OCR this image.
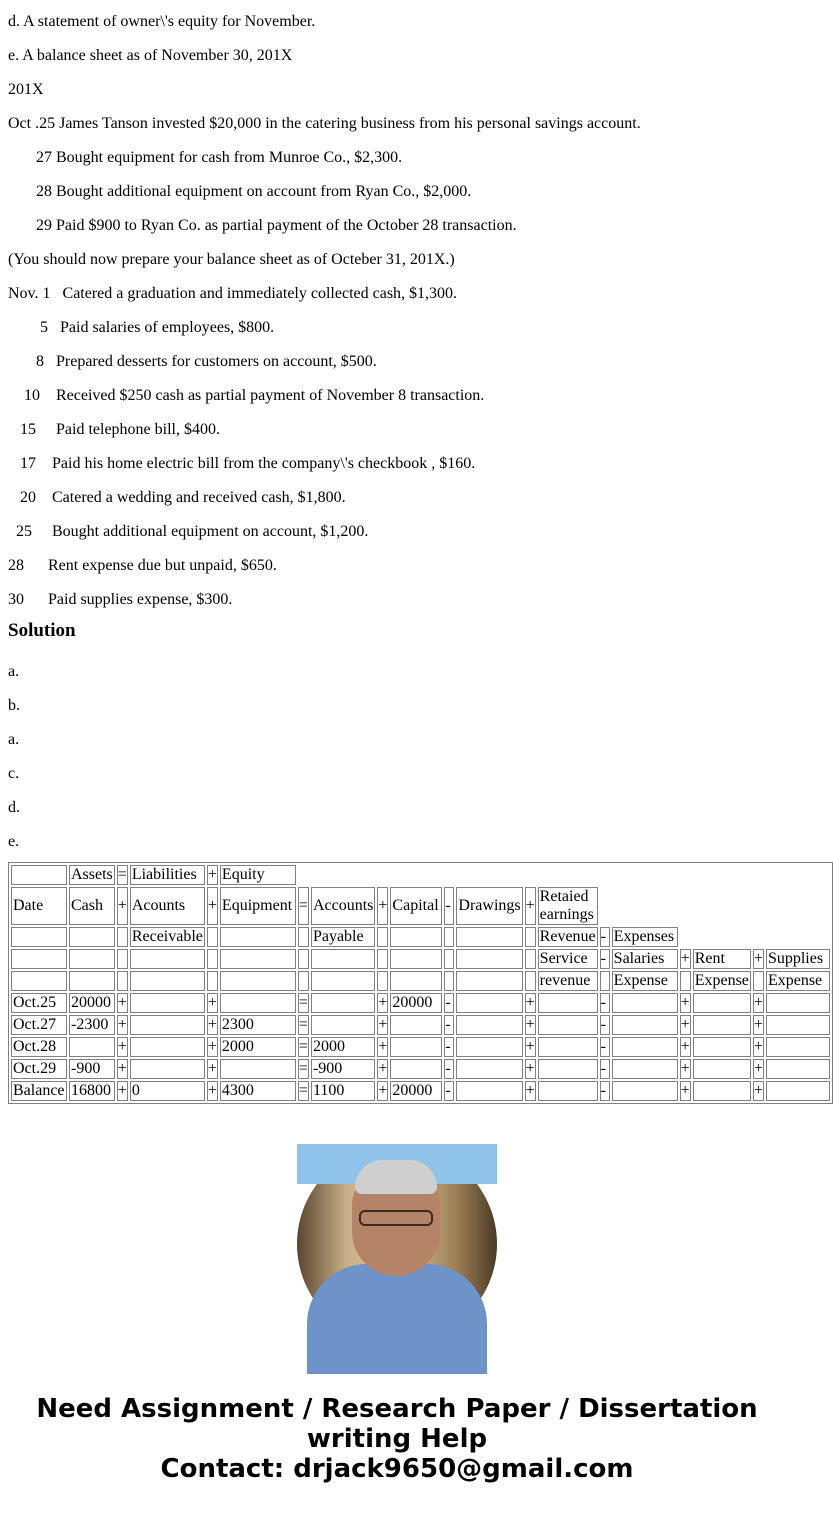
d. A statement of owner\'s equity for November.

e. A balance sheet as of November 30, 201X

201X

Oct .25 James Tanson invested $20,000 in the catering business from his personal savings account.

27 Bought equipment for cash from Munroe Co., $2,300.

28 Bought additional equipment on account from Ryan Co., $2,000.

29 Paid $900 to Ryan Co. as partial payment of the October 28 transaction.

(You should now prepare your balance sheet as of Octeber 31, 201X.)

Nov. 1   Catered a graduation and immediately collected cash, $1,300.

5   Paid salaries of employees, $800.

8   Prepared desserts for customers on account, $500.

10    Received $250 cash as partial payment of November 8 transaction.

15     Paid telephone bill, $400.

17    Paid his home electric bill from the company\'s checkbook , $160.

20    Catered a wedding and received cash, $1,800.

25     Bought additional equipment on account, $1,200.

28      Rent expense due but unpaid, $650.

30      Paid supplies expense, $300.

Solution

a.

b.

a.

c.

d.

e.

	Assets	=	Liabilities	+	Equity														
Date	Cash	+	Acounts	+	Equipment	=	Accounts	+	Capital	-	Drawings	+	Retaied earnings						
			Receivable				Payable						Revenue	-	Expenses				
													Service	-	Salaries	+	Rent	+	Supplies
													revenue		Expense		Expense		Expense
Oct.25	20000	+		+		=		+	20000	-		+		-		+		+	
Oct.27	-2300	+		+	2300	=		+		-		+		-		+		+	
Oct.28		+		+	2000	=	2000	+		-		+		-		+		+	
Oct.29	-900	+		+		=	-900	+		-		+		-		+		+	
Balance	16800	+	0	+	4300	=	1100	+	20000	-		+		-		+		+	
Need Assignment / Research Paper / Dissertation writing Help
Contact: drjack9650@gmail.com
